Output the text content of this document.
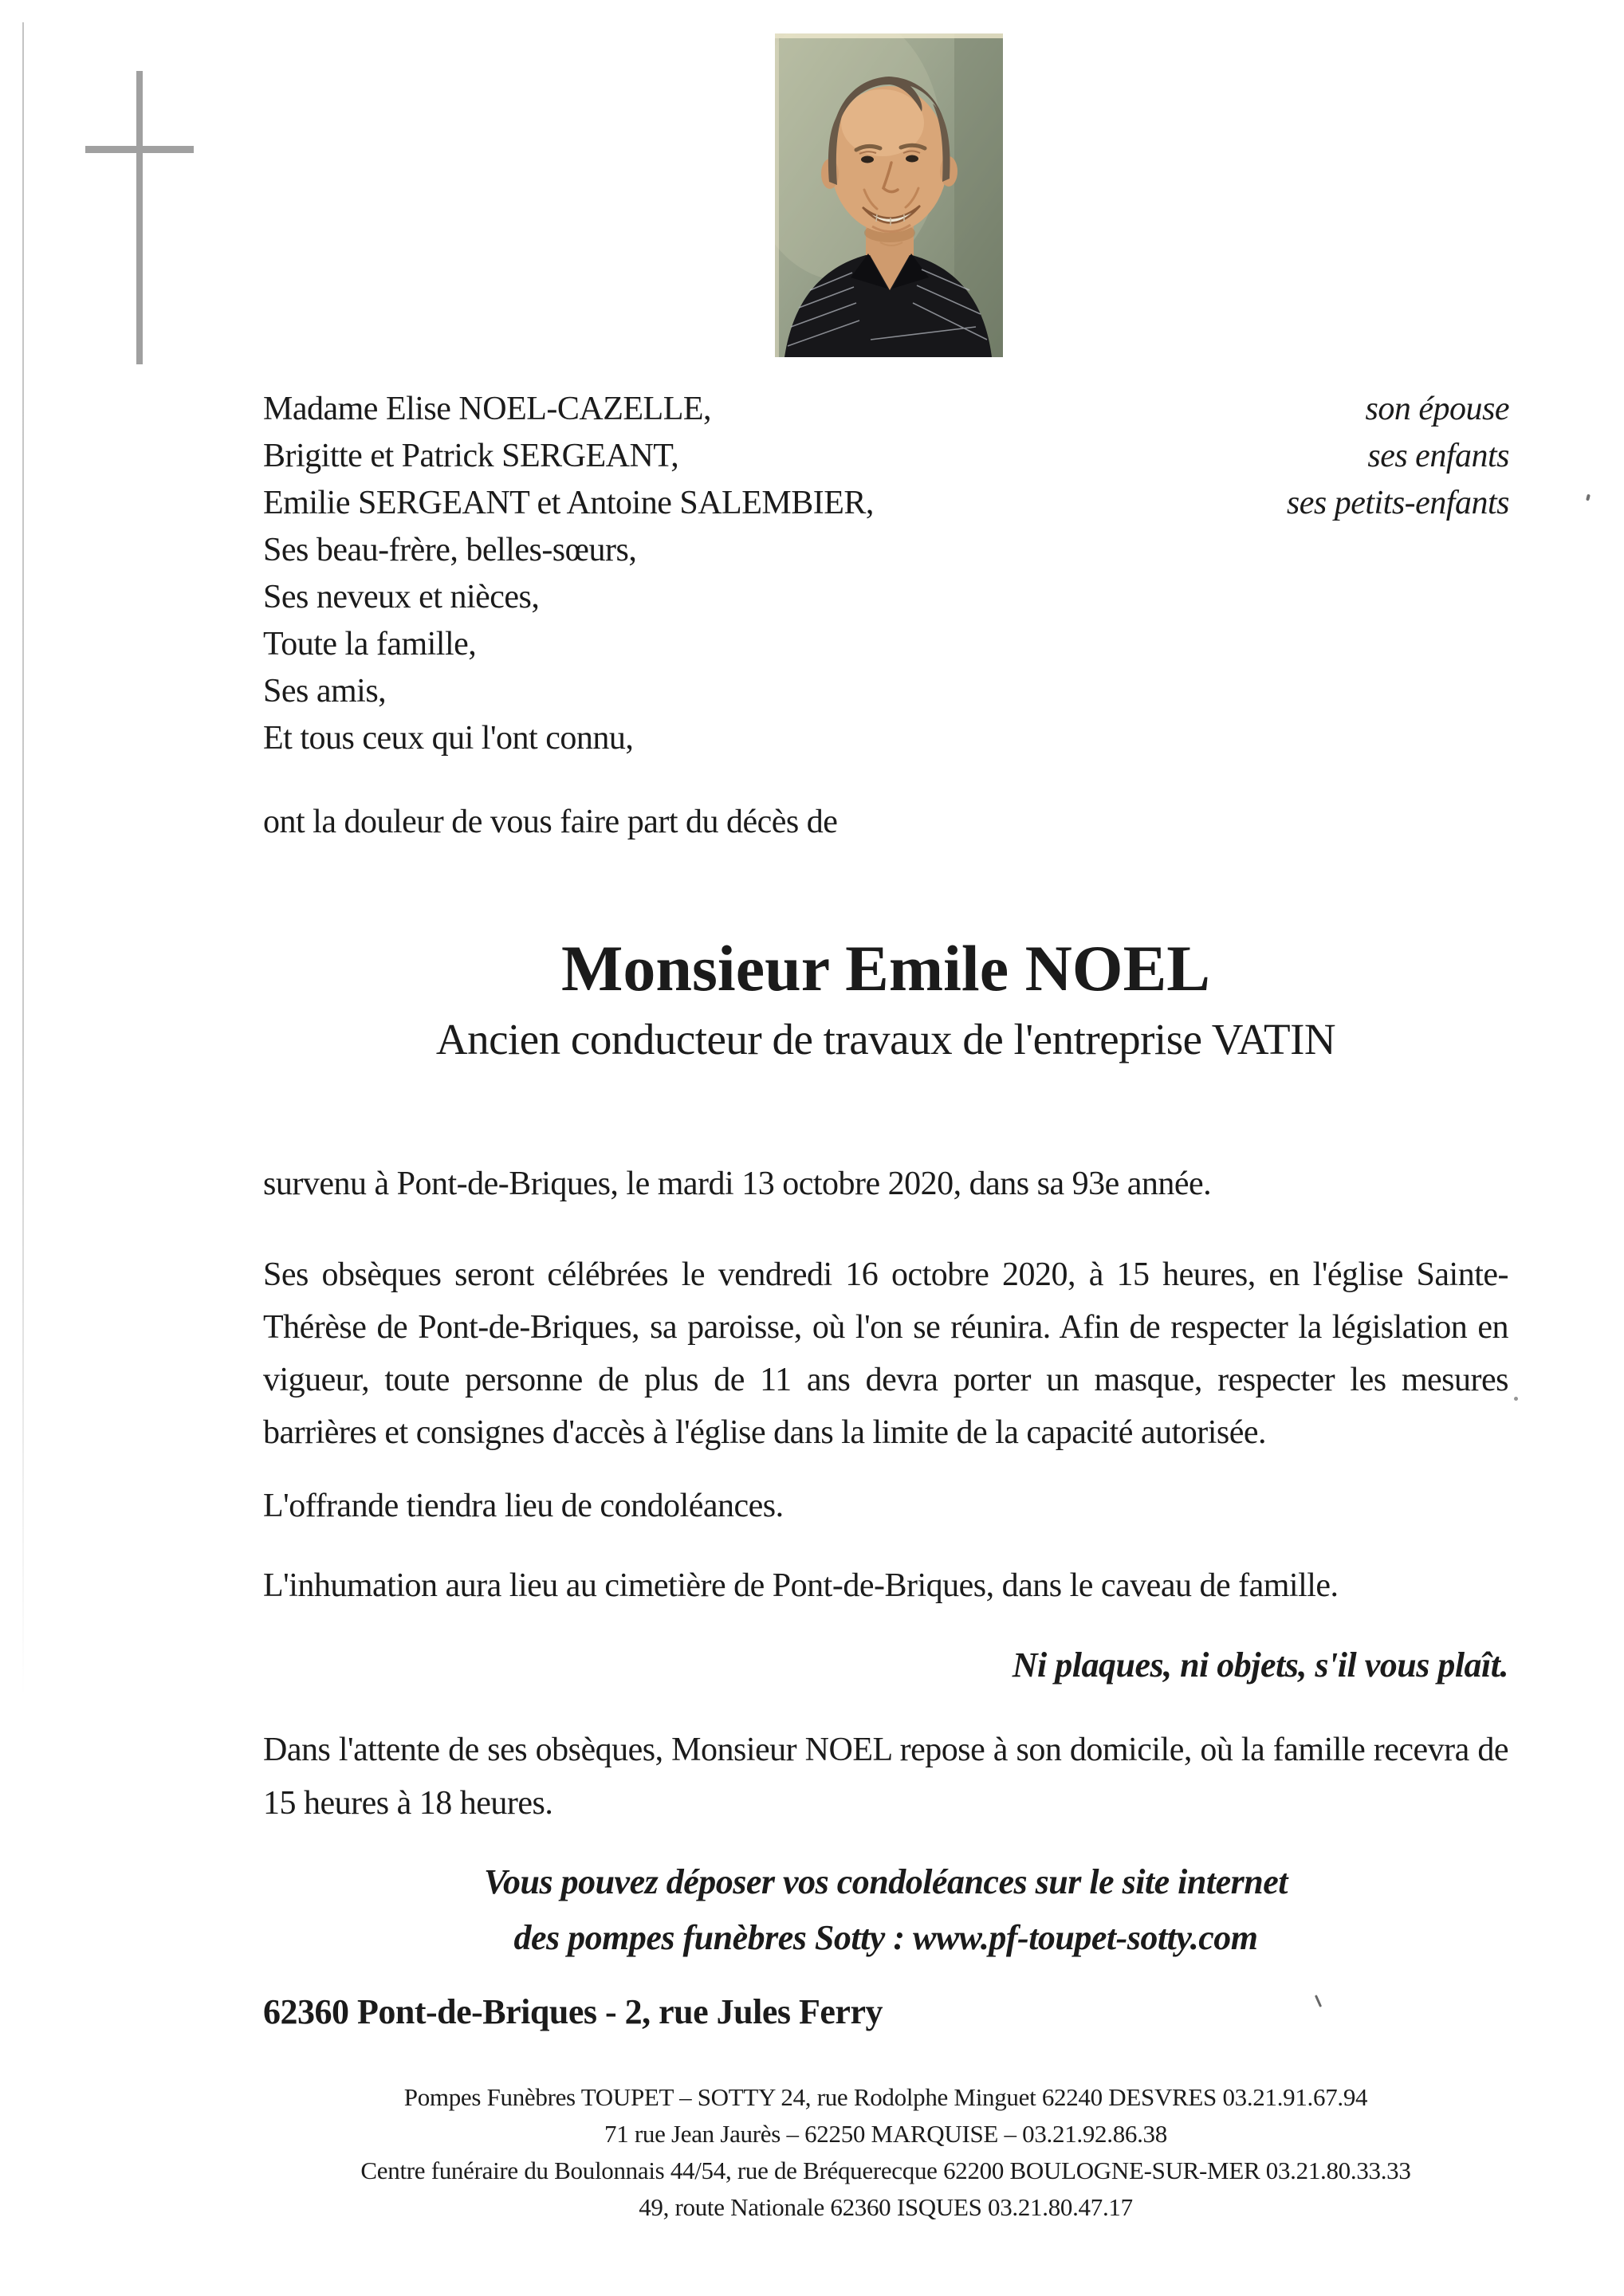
Madame Elise NOEL-CAZELLE,
Brigitte et Patrick SERGEANT,
Emilie SERGEANT et Antoine SALEMBIER,
Ses beau-frère, belles-sœurs,
Ses neveux et nièces,
Toute la famille,
Ses amis,
Et tous ceux qui l'ont connu,
son épouse
ses enfants
ses petits-enfants
ont la douleur de vous faire part du décès de
Monsieur Emile NOEL
Ancien conducteur de travaux de l'entreprise VATIN
survenu à Pont-de-Briques, le mardi 13 octobre 2020, dans sa 93e année.
Ses obsèques seront célébrées le vendredi 16 octobre 2020, à 15 heures, en l'église Sainte-Thérèse de Pont-de-Briques, sa paroisse, où l'on se réunira. Afin de respecter la législation en vigueur, toute personne de plus de 11 ans devra porter un masque, respecter les mesures barrières et consignes d'accès à l'église dans la limite de la capacité autorisée.
L'offrande tiendra lieu de condoléances.
L'inhumation aura lieu au cimetière de Pont-de-Briques, dans le caveau de famille.
Ni plaques, ni objets, s'il vous plaît.
Dans l'attente de ses obsèques, Monsieur NOEL repose à son domicile, où la famille recevra de 15 heures à 18 heures.
Vous pouvez déposer vos condoléances sur le site internet
des pompes funèbres Sotty : www.pf-toupet-sotty.com
62360 Pont-de-Briques - 2, rue Jules Ferry
Pompes Funèbres TOUPET – SOTTY 24, rue Rodolphe Minguet 62240 DESVRES 03.21.91.67.94
71 rue Jean Jaurès – 62250 MARQUISE – 03.21.92.86.38
Centre funéraire du Boulonnais 44/54, rue de Bréquerecque 62200 BOULOGNE-SUR-MER 03.21.80.33.33
49, route Nationale 62360 ISQUES 03.21.80.47.17
